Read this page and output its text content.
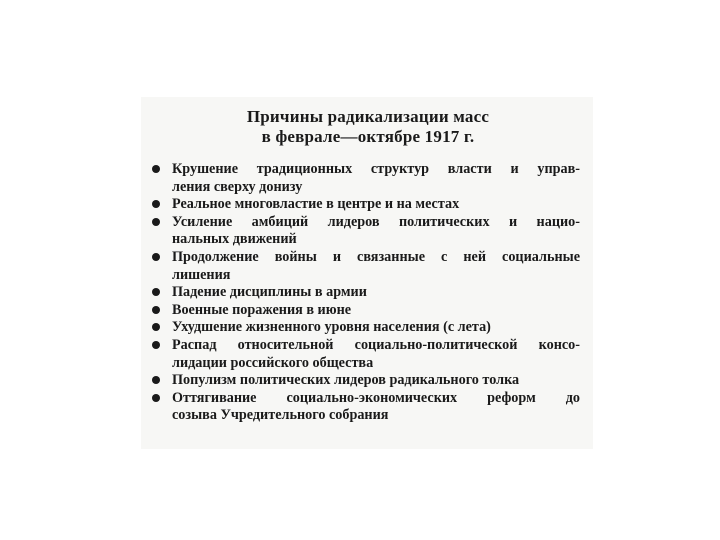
Причины радикализации масс
в феврале—октябре 1917 г.
Крушение традиционных структур власти и управ-
ления сверху донизу
Реальное многовластие в центре и на местах
Усиление амбиций лидеров политических и нацио-
нальных движений
Продолжение войны и связанные с ней социальные
лишения
Падение дисциплины в армии
Военные поражения в июне
Ухудшение жизненного уровня населения (с лета)
Распад относительной социально-политической консо-
лидации российского общества
Популизм политических лидеров радикального толка
Оттягивание социально-экономических реформ до
созыва Учредительного собрания
